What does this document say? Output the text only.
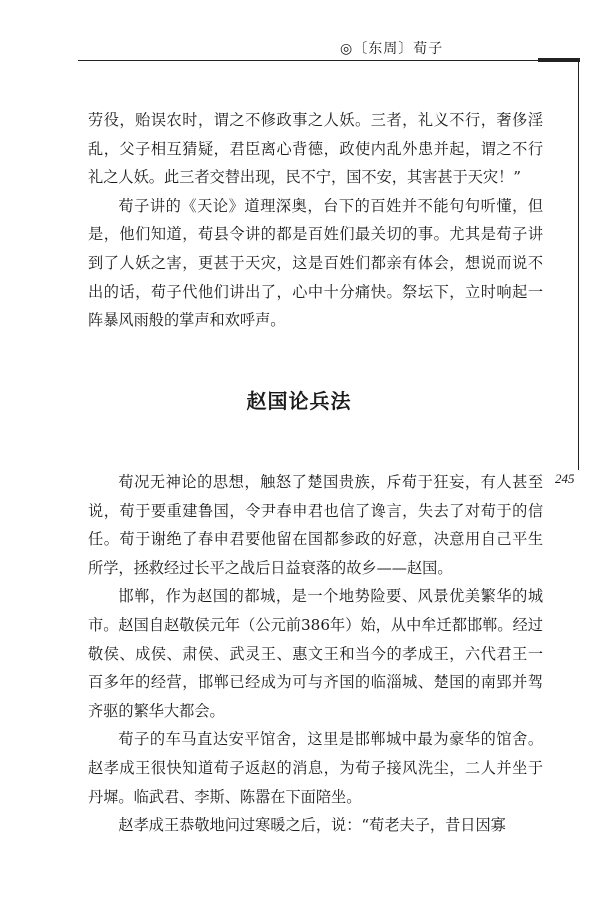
◎〔东周〕荀子
245

劳役，贻误农时，谓之不修政事之人妖。三者，礼义不行，奢侈淫乱，父子相互猜疑，君臣离心背德，政使内乱外患并起，谓之不行礼之人妖。此三者交替出现，民不宁，国不安，其害甚于天灾！”

荀子讲的《天论》道理深奥，台下的百姓并不能句句听懂，但是，他们知道，荀县令讲的都是百姓们最关切的事。尤其是荀子讲到了人妖之害，更甚于天灾，这是百姓们都亲有体会，想说而说不出的话，荀子代他们讲出了，心中十分痛快。祭坛下，立时响起一阵暴风雨般的掌声和欢呼声。

赵国论兵法

荀况无神论的思想，触怒了楚国贵族，斥荀于狂妄，有人甚至说，荀于要重建鲁国，令尹春申君也信了谗言，失去了对荀于的信任。荀于谢绝了春申君要他留在国都参政的好意，决意用自己平生所学，拯救经过长平之战后日益衰落的故乡——赵国。

邯郸，作为赵国的都城，是一个地势险要、风景优美繁华的城市。赵国自赵敬侯元年（公元前386年）始，从中牟迁都邯郸。经过敬侯、成侯、肃侯、武灵王、惠文王和当今的孝成王，六代君王一百多年的经营，邯郸已经成为可与齐国的临淄城、楚国的南郢并驾齐驱的繁华大都会。

荀子的车马直达安平馆舍，这里是邯郸城中最为豪华的馆舍。赵孝成王很快知道荀子返赵的消息，为荀子接风洗尘，二人并坐于丹墀。临武君、李斯、陈嚣在下面陪坐。

赵孝成王恭敬地问过寒暖之后，说：“荀老夫子，昔日因寡
